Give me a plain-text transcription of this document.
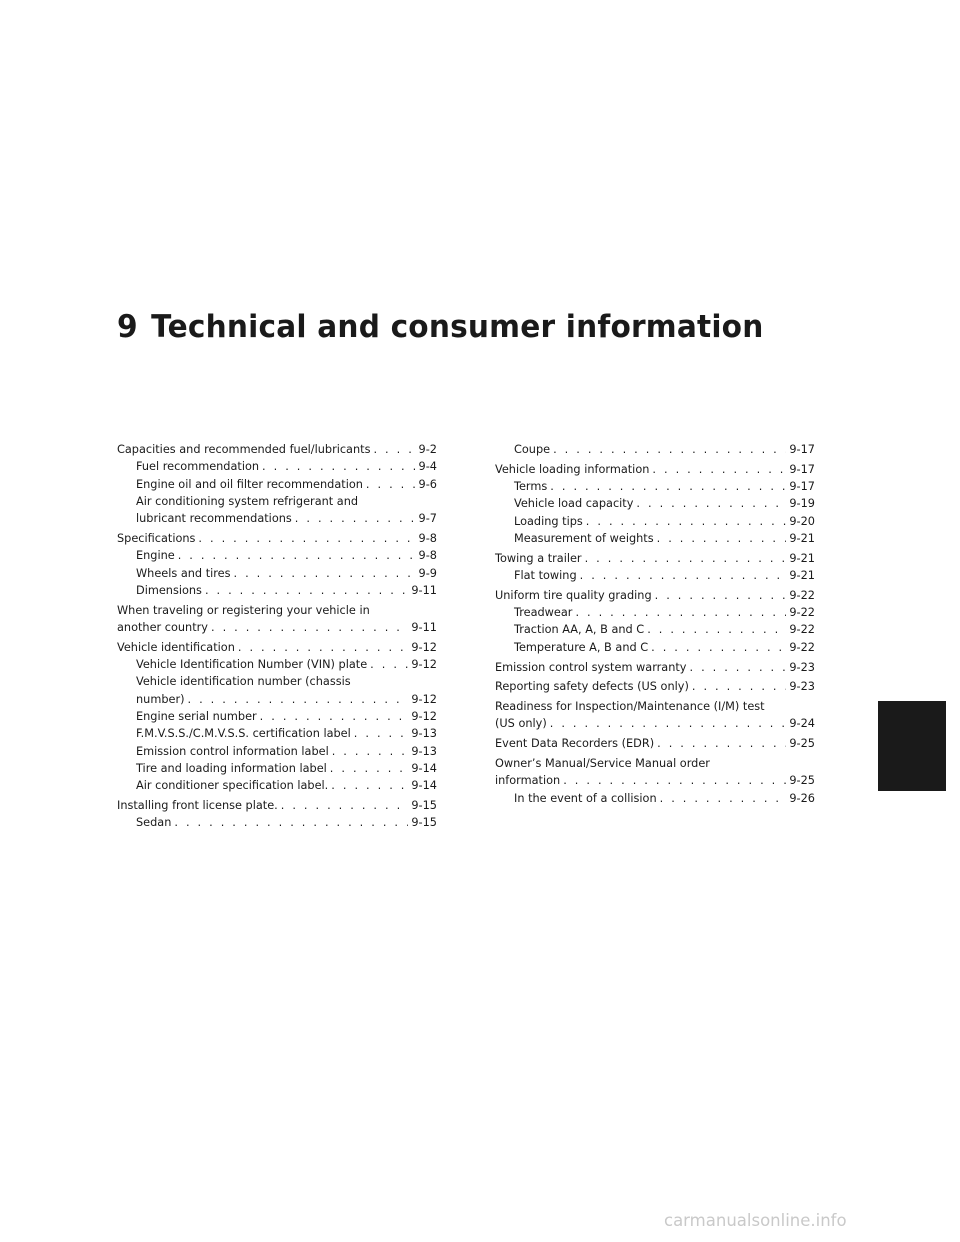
9 Technical and consumer information
Capacities and recommended fuel/lubricants . . .	9-2
Fuel recommendation . . .	9-4
Engine oil and oil filter recommendation . . .	9-6
Air conditioning system refrigerant and
lubricant recommendations . . .	9-7
Specifications . . .	9-8
Engine . . .	9-8
Wheels and tires . . .	9-9
Dimensions . . .	9-11
When traveling or registering your vehicle in
another country . . .	9-11
Vehicle identification . . .	9-12
Vehicle Identification Number (VIN) plate . . .	9-12
Vehicle identification number (chassis
number) . . .	9-12
Engine serial number . . .	9-12
F.M.V.S.S./C.M.V.S.S. certification label . . .	9-13
Emission control information label . . .	9-13
Tire and loading information label . . .	9-14
Air conditioner specification label. . . .	9-14
Installing front license plate. . . .	9-15
Sedan . . .	9-15
Coupe . . .	9-17
Vehicle loading information . . .	9-17
Terms . . .	9-17
Vehicle load capacity . . .	9-19
Loading tips . . .	9-20
Measurement of weights . . .	9-21
Towing a trailer . . .	9-21
Flat towing . . .	9-21
Uniform tire quality grading . . .	9-22
Treadwear . . .	9-22
Traction AA, A, B and C . . .	9-22
Temperature A, B and C . . .	9-22
Emission control system warranty . . .	9-23
Reporting safety defects (US only) . . .	9-23
Readiness for Inspection/Maintenance (I/M) test
(US only) . . .	9-24
Event Data Recorders (EDR) . . .	9-25
Owner’s Manual/Service Manual order
information . . .	9-25
In the event of a collision . . .	9-26
carmanualsonline.info
